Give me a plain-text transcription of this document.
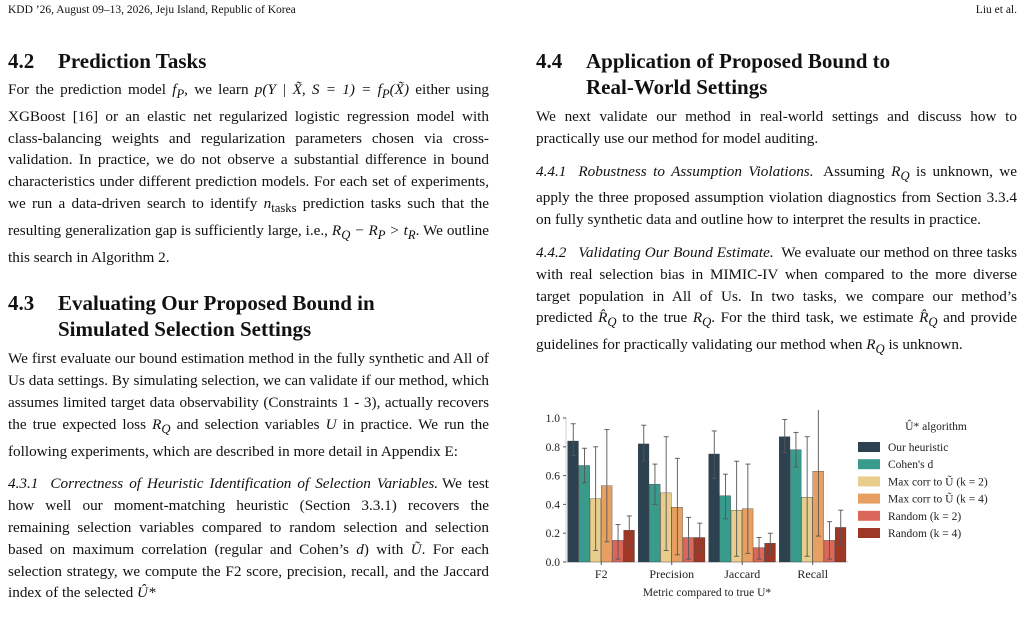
KDD ’26, August 09–13, 2026, Jeju Island, Republic of Korea	Liu et al.
4.2	Prediction Tasks

For the prediction model $f_P$, we learn p(Y | X̃, $S = 1) = f_P(X̃)$ either using XGBoost [16] or an elastic net regularized logistic regression model with class-balancing weights and regularization parameters chosen via cross-validation. In practice, we do not observe a substantial difference in bound characteristics under different prediction models. For each set of experiments, we run a data-driven search to identify $n_{tasks}$ prediction tasks such that the resulting generalization gap is sufficiently large, i.e., $R_Q - R_P > t_R$. We outline this search in Algorithm 2.

4.3	Evaluating Our Proposed Bound in
Simulated Selection Settings

We first evaluate our bound estimation method in the fully synthetic and All of Us data settings. By simulating selection, we can validate if our method, which assumes limited target data observability (Constraints 1 - 3), actually recovers the true expected loss $R_Q$ and selection variables U in practice. We run the following experiments, which are described in more detail in Appendix E:

4.3.1 Correctness of Heuristic Identification of Selection Variables. We test how well our moment-matching heuristic (Section 3.3.1) recovers the remaining selection variables compared to random selection and selection based on maximum correlation (regular and Cohen’s d) with Ũ. For each selection strategy, we compute the F2 score, precision, recall, and the Jaccard index of the selected Û*

4.4	Application of Proposed Bound to
Real-World Settings

We next validate our method in real-world settings and discuss how to practically use our method for model auditing.

4.4.1 Robustness to Assumption Violations. Assuming $R_Q$ is unknown, we apply the three proposed assumption violation diagnostics from Section 3.3.4 on fully synthetic data and outline how to interpret the results in practice.

4.4.2 Validating Our Bound Estimate. We evaluate our method on three tasks with real selection bias in MIMIC-IV when compared to the more diverse target population in All of Us. In two tasks, we compare our method’s predicted $R̂_Q$ to the true $R_Q$. For the third task, we estimate $R̂_Q$ and provide guidelines for practically validating our method when $R_Q$ is unknown.

0.0
0.2
0.4
0.6
0.8
1.0
F2	Precision	Jaccard	Recall
Metric compared to true U*
Û* algorithm
Our heuristic
Cohen's d
Max corr to Ũ (k = 2)
Max corr to Ũ (k = 4)
Random (k = 2)
Random (k = 4)
